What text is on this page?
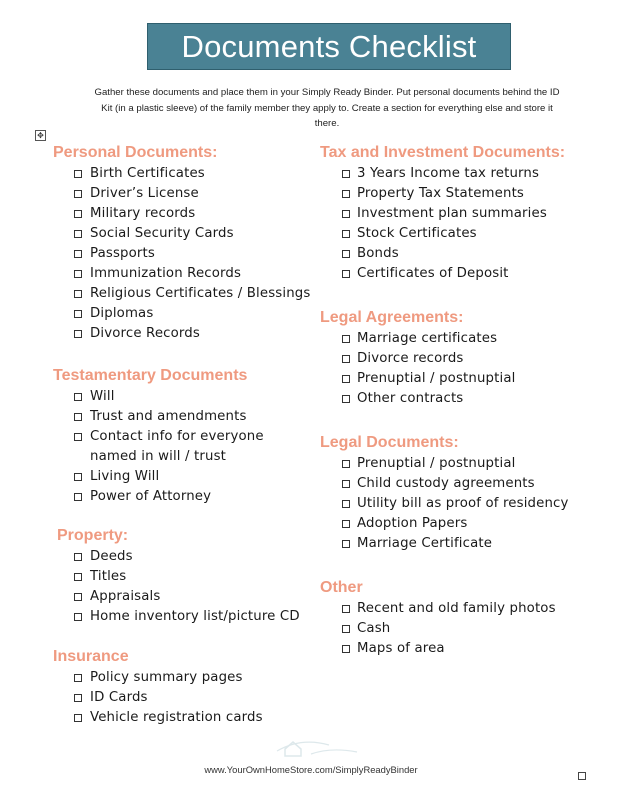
Documents Checklist
Gather these documents and place them in your Simply Ready Binder. Put personal documents behind the ID Kit (in a plastic sleeve) of the family member they apply to. Create a section for everything else and store it there.
✥
Personal Documents:
Birth Certificates
Driver’s License
Military records
Social Security Cards
Passports
Immunization Records
Religious Certificates / Blessings
Diplomas
Divorce Records
Testamentary Documents
Will
Trust and amendments
Contact info for everyone named in will / trust
Living Will
Power of Attorney
Property:
Deeds
Titles
Appraisals
Home inventory list/picture CD
Insurance
Policy summary pages
ID Cards
Vehicle registration cards
Tax and Investment Documents:
3 Years Income tax returns
Property Tax Statements
Investment plan summaries
Stock Certificates
Bonds
Certificates of Deposit
Legal Agreements:
Marriage certificates
Divorce records
Prenuptial / postnuptial
Other contracts
Legal Documents:
Prenuptial / postnuptial
Child custody agreements
Utility bill as proof of residency
Adoption Papers
Marriage Certificate
Other
Recent and old family photos
Cash
Maps of area
www.YourOwnHomeStore.com/SimplyReadyBinder
